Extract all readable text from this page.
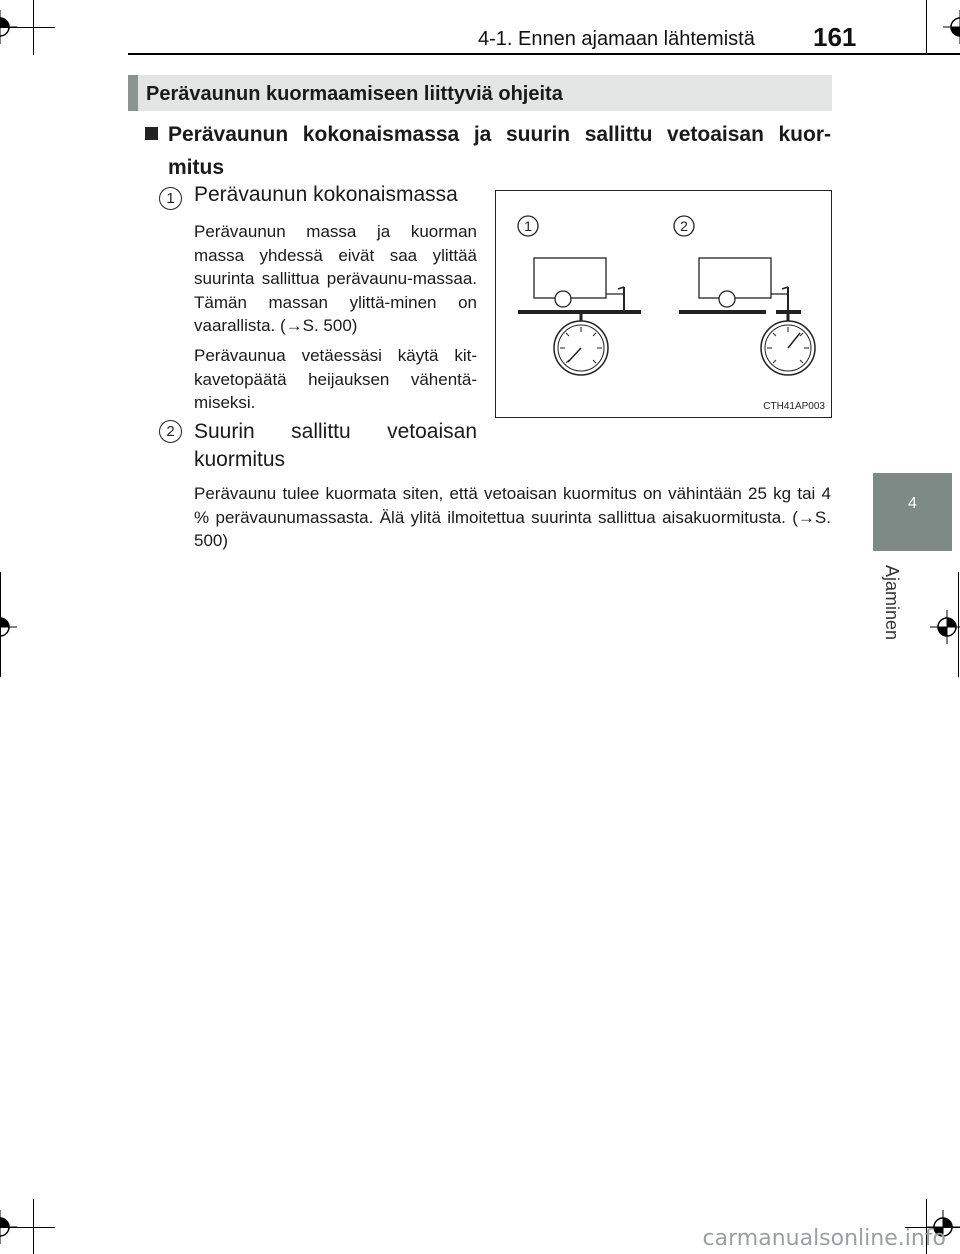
4-1. Ennen ajamaan lähtemistä 161
4
Ajaminen
Perävaunun kuormaamiseen liittyviä ohjeita
Perävaunun kokonaismassa ja suurin sallittu vetoaisan kuor-mitus
1 Perävaunun kokonaismassa
Perävaunun massa ja kuorman massa yhdessä eivät saa ylittää suurinta sallittua perävaunu-massaa. Tämän massan ylittä-minen on vaarallista. (→S. 500)
Perävaunua vetäessäsi käytä kit-kavetopäätä heijauksen vähentä-miseksi.
2 Suurin sallittu vetoaisan
kuormitus
Perävaunu tulee kuormata siten, että vetoaisan kuormitus on vähintään 25 kg tai 4 % perävaunumassasta. Älä ylitä ilmoitettua suurinta sallittua aisakuormitusta. (→S. 500)
1	2
CTH41AP003
carmanualsonline.info
